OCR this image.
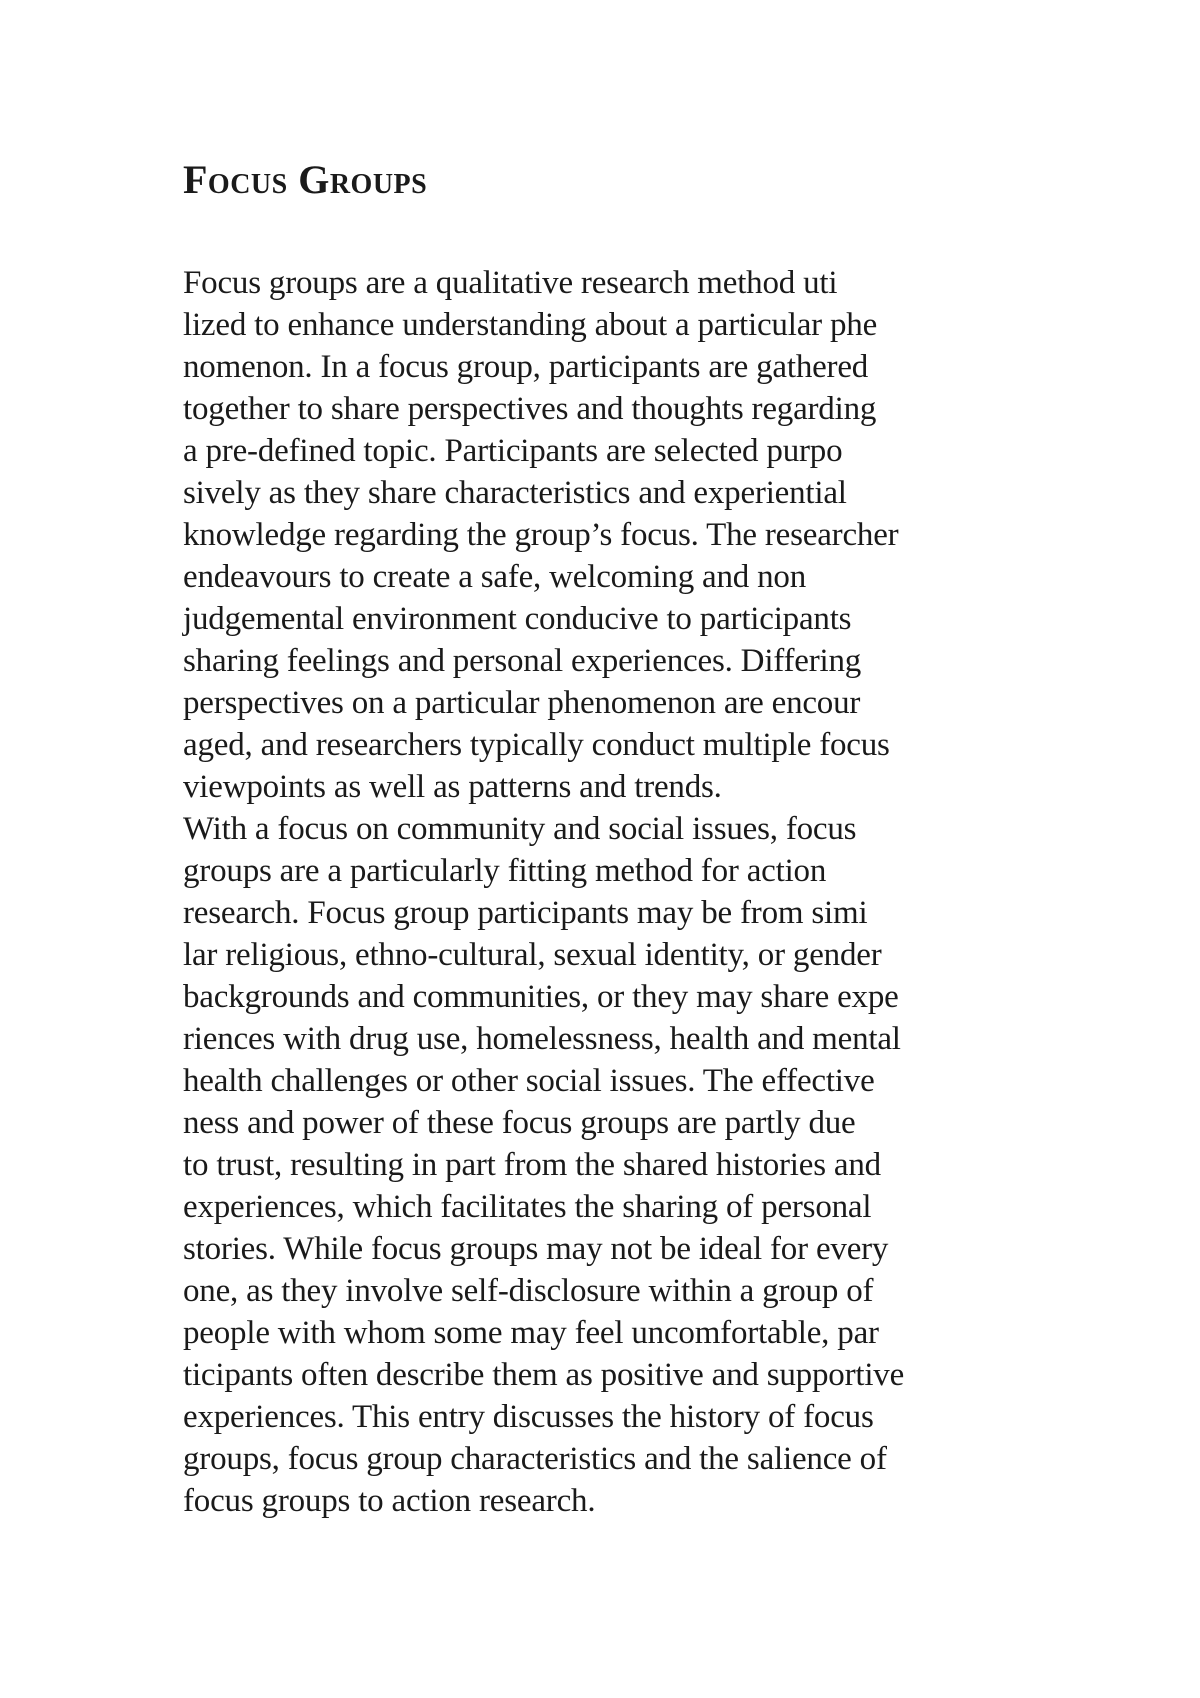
Focus Groups
Focus groups are a qualitative research method uti
lized to enhance understanding about a particular phe
nomenon. In a focus group, participants are gathered
together to share perspectives and thoughts regarding
a pre-defined topic. Participants are selected purpo
sively as they share characteristics and experiential
knowledge regarding the group’s focus. The researcher
endeavours to create a safe, welcoming and non
judgemental environment conducive to participants
sharing feelings and personal experiences. Differing
perspectives on a particular phenomenon are encour
aged, and researchers typically conduct multiple focus
viewpoints as well as patterns and trends.
With a focus on community and social issues, focus
groups are a particularly fitting method for action
research. Focus group participants may be from simi
lar religious, ethno-cultural, sexual identity, or gender
backgrounds and communities, or they may share expe
riences with drug use, homelessness, health and mental
health challenges or other social issues. The effective
ness and power of these focus groups are partly due
to trust, resulting in part from the shared histories and
experiences, which facilitates the sharing of personal
stories. While focus groups may not be ideal for every
one, as they involve self-disclosure within a group of
people with whom some may feel uncomfortable, par
ticipants often describe them as positive and supportive
experiences. This entry discusses the history of focus
groups, focus group characteristics and the salience of
focus groups to action research.
